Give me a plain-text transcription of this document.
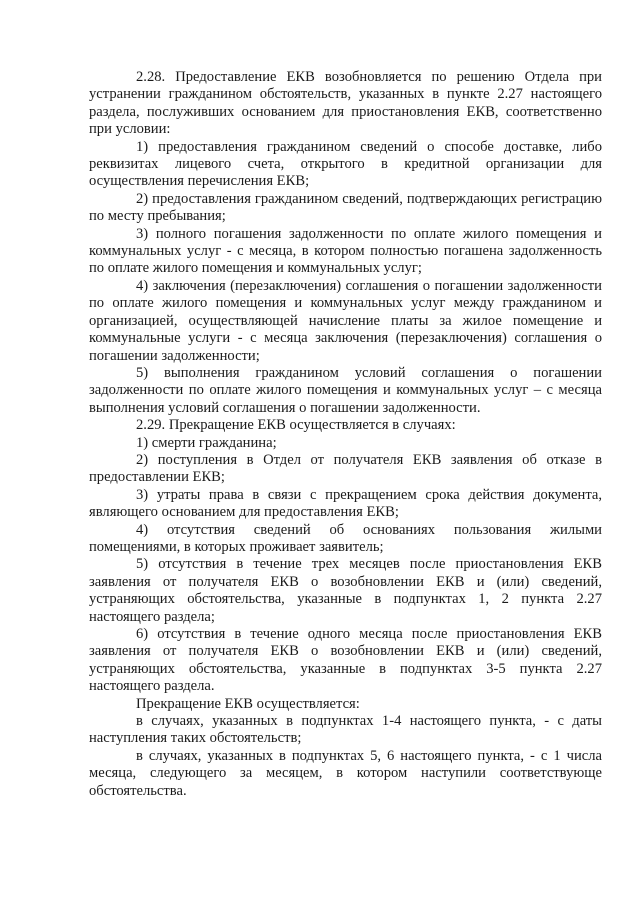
2.28. Предоставление ЕКВ возобновляется по решению Отдела при устранении гражданином обстоятельств, указанных в пункте 2.27 настоящего раздела, послуживших основанием для приостановления ЕКВ, соответственно при условии:

1) предоставления гражданином сведений о способе доставке, либо реквизитах лицевого счета, открытого в кредитной организации для осуществления перечисления ЕКВ;

2) предоставления гражданином сведений, подтверждающих регистрацию по месту пребывания;

3) полного погашения задолженности по оплате жилого помещения и коммунальных услуг - с месяца, в котором полностью погашена задолженность по оплате жилого помещения и коммунальных услуг;

4) заключения (перезаключения) соглашения о погашении задолженности по оплате жилого помещения и коммунальных услуг между гражданином и организацией, осуществляющей начисление платы за жилое помещение и коммунальные услуги - с месяца заключения (перезаключения) соглашения о погашении задолженности;

5) выполнения гражданином условий соглашения о погашении задолженности по оплате жилого помещения и коммунальных услуг – с месяца выполнения условий соглашения о погашении задолженности.

2.29. Прекращение ЕКВ осуществляется в случаях:

1) смерти гражданина;

2) поступления в Отдел от получателя ЕКВ заявления об отказе в предоставлении ЕКВ;

3) утраты права в связи с прекращением срока действия документа, являющего основанием для предоставления ЕКВ;

4) отсутствия сведений об основаниях пользования жилыми помещениями, в которых проживает заявитель;

5) отсутствия в течение трех месяцев после приостановления ЕКВ заявления от получателя ЕКВ о возобновлении ЕКВ и (или) сведений, устраняющих обстоятельства, указанные в подпунктах 1, 2 пункта 2.27 настоящего раздела;

6) отсутствия в течение одного месяца после приостановления ЕКВ заявления от получателя ЕКВ о возобновлении ЕКВ и (или) сведений, устраняющих обстоятельства, указанные в подпунктах 3-5 пункта 2.27 настоящего раздела.

Прекращение ЕКВ осуществляется:

в случаях, указанных в подпунктах 1-4 настоящего пункта, - с даты наступления таких обстоятельств;

в случаях, указанных в подпунктах 5, 6 настоящего пункта, - с 1 числа месяца, следующего за месяцем, в котором наступили соответствующе обстоятельства.
